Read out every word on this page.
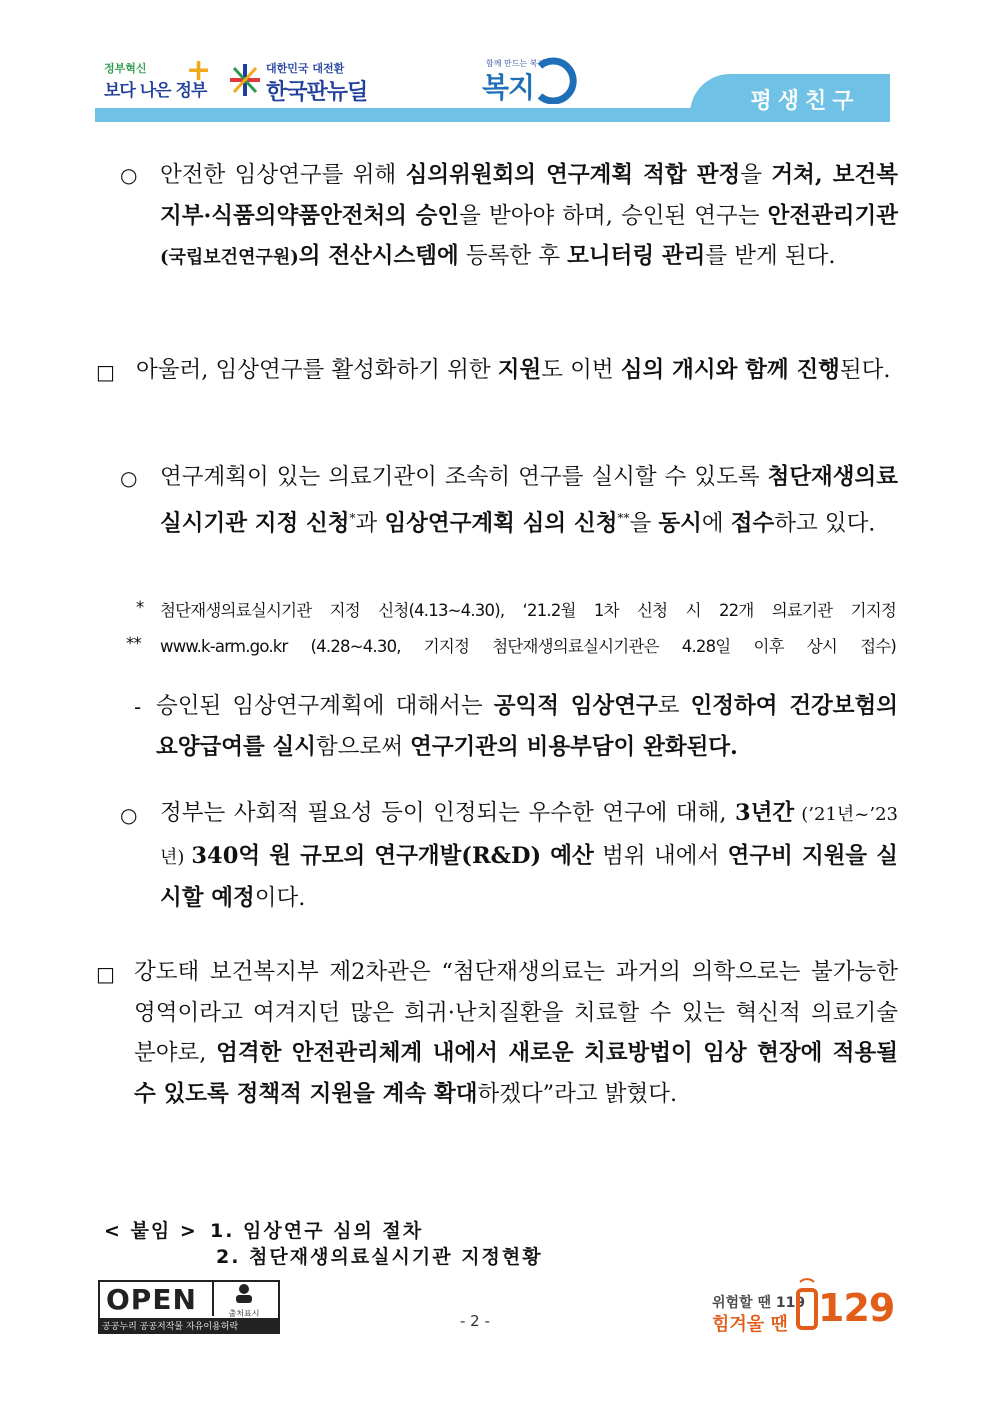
정부혁신
보다 나은 정부
+	대한민국 대전환
한국판뉴딜
함께 만드는 복지
복지	평생친구
○ 안전한 임상연구를 위해 심의위원회의 연구계획 적합 판정을 거쳐, 보건복지부·식품의약품안전처의 승인을 받아야 하며, 승인된 연구는 안전관리기관(국립보건연구원)의 전산시스템에 등록한 후 모니터링 관리를 받게 된다.
□ 아울러, 임상연구를 활성화하기 위한 지원도 이번 심의 개시와 함께 진행된다.
○ 연구계획이 있는 의료기관이 조속히 연구를 실시할 수 있도록 첨단재생의료실시기관 지정 신청*과 임상연구계획 심의 신청**을 동시에 접수하고 있다.
* 첨단재생의료실시기관 지정 신청(4.13~4.30), ‘21.2월 1차 신청 시 22개 의료기관 기지정
** www.k-arm.go.kr (4.28~4.30, 기지정 첨단재생의료실시기관은 4.28일 이후 상시 접수)
- 승인된 임상연구계획에 대해서는 공익적 임상연구로 인정하여 건강보험의 요양급여를 실시함으로써 연구기관의 비용부담이 완화된다.
○ 정부는 사회적 필요성 등이 인정되는 우수한 연구에 대해, 3년간 (’21년~’23년) 340억 원 규모의 연구개발(R&D) 예산 범위 내에서 연구비 지원을 실시할 예정이다.
□ 강도태 보건복지부 제2차관은 “첨단재생의료는 과거의 의학으로는 불가능한 영역이라고 여겨지던 많은 희귀·난치질환을 치료할 수 있는 혁신적 의료기술 분야로, 엄격한 안전관리체계 내에서 새로운 치료방법이 임상 현장에 적용될 수 있도록 정책적 지원을 계속 확대하겠다”라고 밝혔다.
< 붙임 > 1. 임상연구 심의 절차
2. 첨단재생의료실시기관 지정현황
OPEN	출처표시
공공누리 공공저작물 자유이용허락	- 2 -
위험할 땐 119
힘겨울 땐 129
